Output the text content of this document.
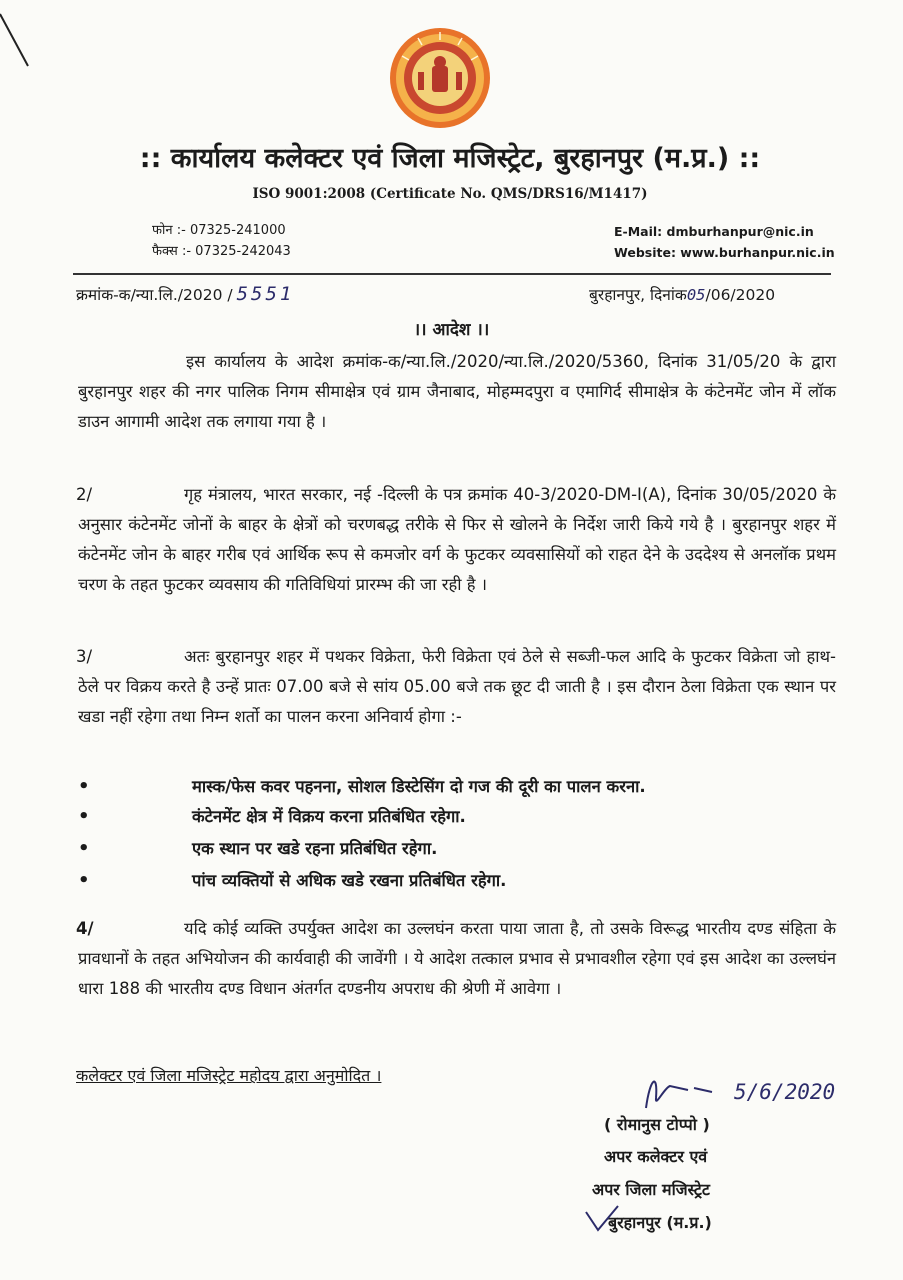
:: कार्यालय कलेक्टर एवं जिला मजिस्ट्रेट, बुरहानपुर (म.प्र.) ::
ISO 9001:2008 (Certificate No. QMS/DRS16/M1417)
फोन :- 07325-241000
फैक्स :- 07325-242043
E-Mail: dmburhanpur@nic.in
Website: www.burhanpur.nic.in
क्रमांक-क/न्या.लि./2020 / 5551	बुरहानपुर, दिनांक05/06/2020
।। आदेश ।।
इस कार्यालय के आदेश क्रमांक-क/न्या.लि./2020/न्या.लि./2020/5360, दिनांक 31/05/20 के द्वारा बुरहानपुर शहर की नगर पालिक निगम सीमाक्षेत्र एवं ग्राम जैनाबाद, मोहम्मदपुरा व एमागिर्द सीमाक्षेत्र के कंटेनमेंट जोन में लॉक डाउन आगामी आदेश तक लगाया गया है ।
2/	गृह मंत्रालय, भारत सरकार, नई -दिल्ली के पत्र क्रमांक 40-3/2020-DM-I(A), दिनांक 30/05/2020 के अनुसार कंटेनमेंट जोनों के बाहर के क्षेत्रों को चरणबद्ध तरीके से फिर से खोलने के निर्देश जारी किये गये है । बुरहानपुर शहर में कंटेनमेंट जोन के बाहर गरीब एवं आर्थिक रूप से कमजोर वर्ग के फुटकर व्यवसासियों को राहत देने के उददेश्य से अनलॉक प्रथम चरण के तहत फुटकर व्यवसाय की गतिविधियां प्रारम्भ की जा रही है ।
3/	अतः बुरहानपुर शहर में पथकर विक्रेता, फेरी विक्रेता एवं ठेले से सब्जी-फल आदि के फुटकर विक्रेता जो हाथ-ठेले पर विक्रय करते है उन्हें प्रातः 07.00 बजे से सांय 05.00 बजे तक छूट दी जाती है । इस दौरान ठेला विक्रेता एक स्थान पर खडा नहीं रहेगा तथा निम्न शर्तो का पालन करना अनिवार्य होगा :-
•	मास्क/फेस कवर पहनना, सोशल डिस्टेसिंग दो गज की दूरी का पालन करना.
•	कंटेनमेंट क्षेत्र में विक्रय करना प्रतिबंधित रहेगा.
•	एक स्थान पर खडे रहना प्रतिबंधित रहेगा.
•	पांच व्यक्तियों से अधिक खडे रखना प्रतिबंधित रहेगा.
4/	यदि कोई व्यक्ति उपर्युक्त आदेश का उल्लघंन करता पाया जाता है, तो उसके विरूद्ध भारतीय दण्ड संहिता के प्रावधानों के तहत अभियोजन की कार्यवाही की जावेंगी । ये आदेश तत्काल प्रभाव से प्रभावशील रहेगा एवं इस आदेश का उल्लघंन धारा 188 की भारतीय दण्ड विधान अंतर्गत दण्डनीय अपराध की श्रेणी में आवेगा ।
कलेक्टर एवं जिला मजिस्ट्रेट महोदय द्वारा अनुमोदित ।
5/6/2020
( रोमानुस टोप्पो )
अपर कलेक्टर एवं
अपर जिला मजिस्ट्रेट
बुरहानपुर (म.प्र.)
